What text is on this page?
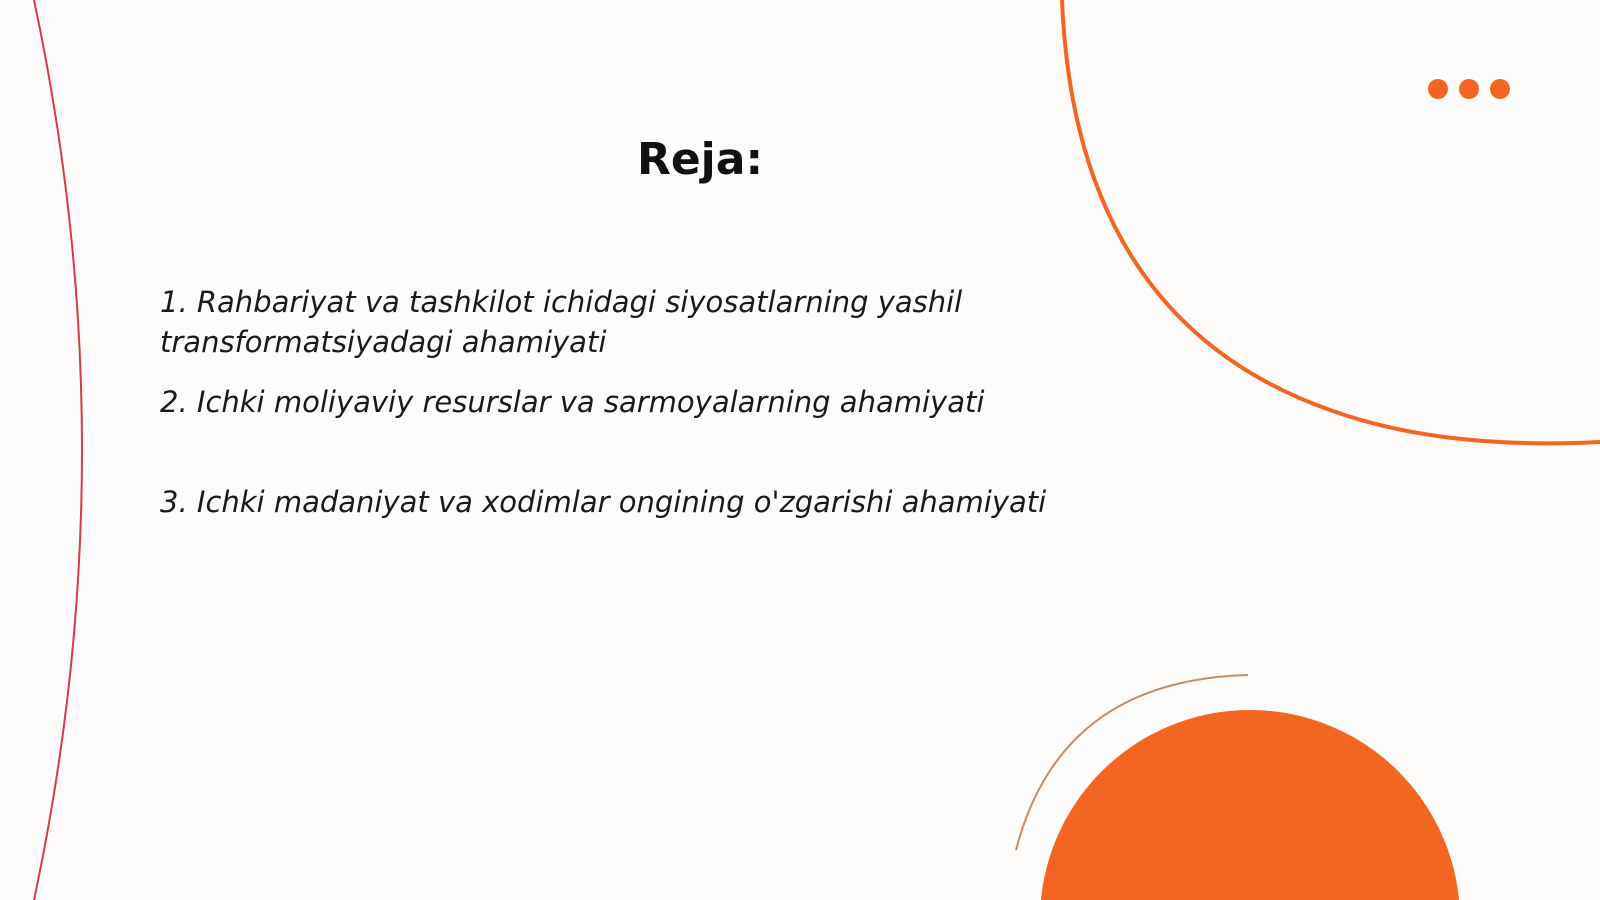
Reja:
1. Rahbariyat va tashkilot ichidagi siyosatlarning yashil transformatsiyadagi ahamiyati
2. Ichki moliyaviy resurslar va sarmoyalarning ahamiyati
3. Ichki madaniyat va xodimlar ongining o'zgarishi ahamiyati
